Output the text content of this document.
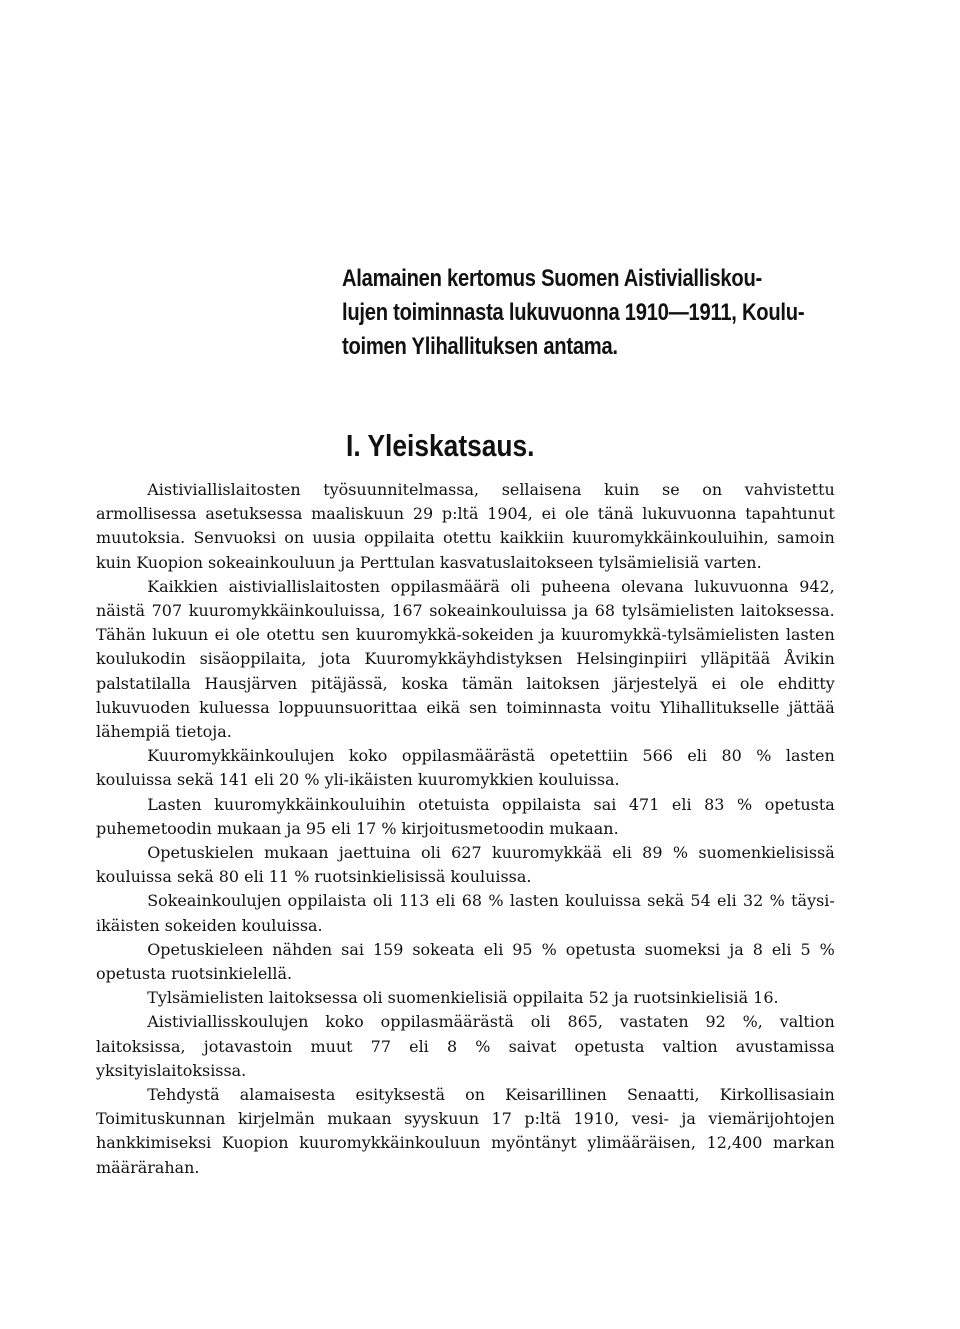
Alamainen kertomus Suomen Aistivialliskou-
lujen toiminnasta lukuvuonna 1910—1911, Koulu-
toimen Ylihallituksen antama.
I. Yleiskatsaus.

Aistiviallislaitosten työsuunnitelmassa, sellaisena kuin se on vahvistettu armollisessa asetuksessa maaliskuun 29 p:ltä 1904, ei ole tänä lukuvuonna tapahtunut muutoksia. Senvuoksi on uusia oppilaita otettu kaikkiin kuuromykkäinkouluihin, samoin kuin Kuopion sokeainkouluun ja Perttulan kasvatuslaitokseen tylsämielisiä varten.

Kaikkien aistiviallislaitosten oppilasmäärä oli puheena olevana lukuvuonna 942, näistä 707 kuuromykkäinkouluissa, 167 sokeainkouluissa ja 68 tylsämielisten laitoksessa. Tähän lukuun ei ole otettu sen kuuromykkä-sokeiden ja kuuromykkä-tylsämielisten lasten koulukodin sisäoppilaita, jota Kuuromykkäyhdistyksen Helsinginpiiri ylläpitää Åvikin palstatilalla Hausjärven pitäjässä, koska tämän laitoksen järjestelyä ei ole ehditty lukuvuoden kuluessa loppuunsuorittaa eikä sen toiminnasta voitu Ylihallitukselle jättää lähempiä tietoja.

Kuuromykkäinkoulujen koko oppilasmäärästä opetettiin 566 eli 80 % lasten kouluissa sekä 141 eli 20 % yli-ikäisten kuuromykkien kouluissa.

Lasten kuuromykkäinkouluihin otetuista oppilaista sai 471 eli 83 % opetusta puhemetoodin mukaan ja 95 eli 17 % kirjoitusmetoodin mukaan.

Opetuskielen mukaan jaettuina oli 627 kuuromykkää eli 89 % suomenkielisissä kouluissa sekä 80 eli 11 % ruotsinkielisissä kouluissa.

Sokeainkoulujen oppilaista oli 113 eli 68 % lasten kouluissa sekä 54 eli 32 % täysi-ikäisten sokeiden kouluissa.

Opetuskieleen nähden sai 159 sokeata eli 95 % opetusta suomeksi ja 8 eli 5 % opetusta ruotsinkielellä.

Tylsämielisten laitoksessa oli suomenkielisiä oppilaita 52 ja ruotsinkielisiä 16.

Aistiviallisskoulujen koko oppilasmäärästä oli 865, vastaten 92 %, valtion laitoksissa, jotavastoin muut 77 eli 8 % saivat opetusta valtion avustamissa yksityislaitoksissa.

Tehdystä alamaisesta esityksestä on Keisarillinen Senaatti, Kirkollisasiain Toimituskunnan kirjelmän mukaan syyskuun 17 p:ltä 1910, vesi- ja viemärijohtojen hankkimiseksi Kuopion kuuromykkäinkouluun myöntänyt ylimääräisen, 12,400 markan määrärahan.
